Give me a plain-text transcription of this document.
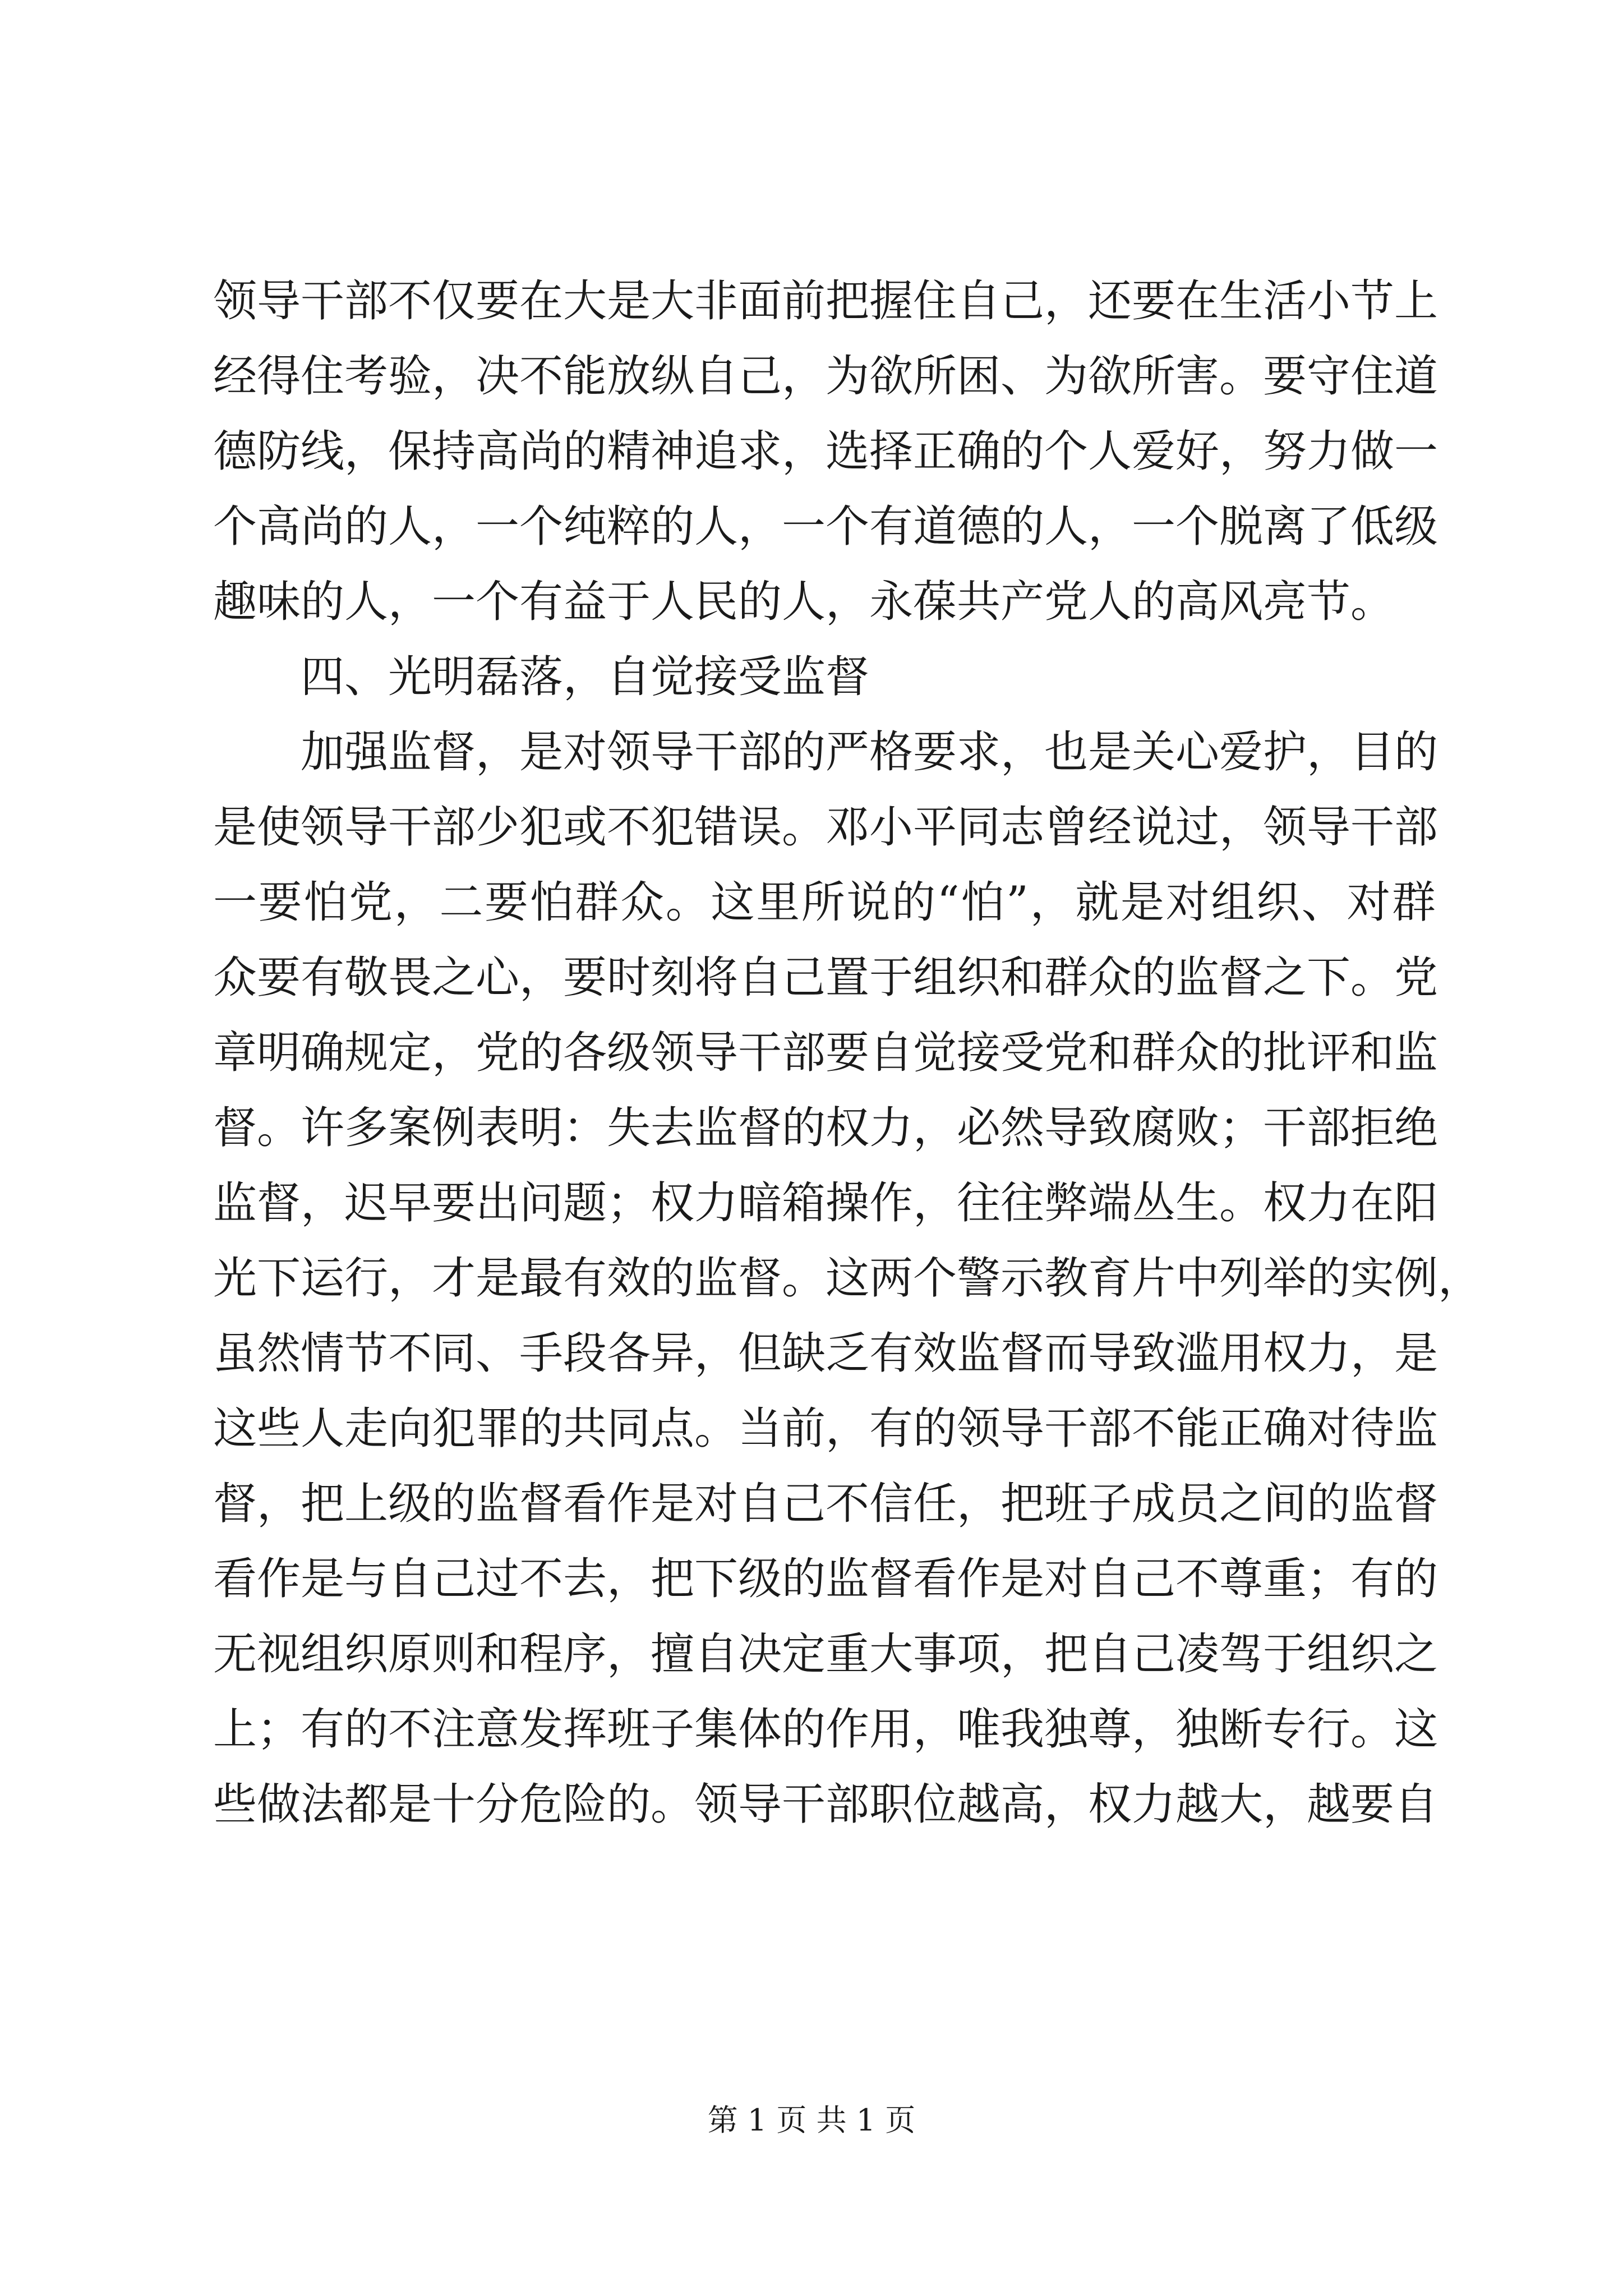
领导干部不仅要在大是大非面前把握住自己，还要在生活小节上
经得住考验，决不能放纵自己，为欲所困、为欲所害。要守住道
德防线，保持高尚的精神追求，选择正确的个人爱好，努力做一
个高尚的人，一个纯粹的人，一个有道德的人，一个脱离了低级
趣味的人，一个有益于人民的人，永葆共产党人的高风亮节。
四、光明磊落，自觉接受监督
加强监督，是对领导干部的严格要求，也是关心爱护，目的
是使领导干部少犯或不犯错误。邓小平同志曾经说过，领导干部
一要怕党，二要怕群众。这里所说的“怕”，就是对组织、对群
众要有敬畏之心，要时刻将自己置于组织和群众的监督之下。党
章明确规定，党的各级领导干部要自觉接受党和群众的批评和监
督。许多案例表明：失去监督的权力，必然导致腐败；干部拒绝
监督，迟早要出问题；权力暗箱操作，往往弊端丛生。权力在阳
光下运行，才是最有效的监督。这两个警示教育片中列举的实例，
虽然情节不同、手段各异，但缺乏有效监督而导致滥用权力，是
这些人走向犯罪的共同点。当前，有的领导干部不能正确对待监
督，把上级的监督看作是对自己不信任，把班子成员之间的监督
看作是与自己过不去，把下级的监督看作是对自己不尊重；有的
无视组织原则和程序，擅自决定重大事项，把自己凌驾于组织之
上；有的不注意发挥班子集体的作用，唯我独尊，独断专行。这
些做法都是十分危险的。领导干部职位越高，权力越大，越要自
第 1 页 共 1 页
